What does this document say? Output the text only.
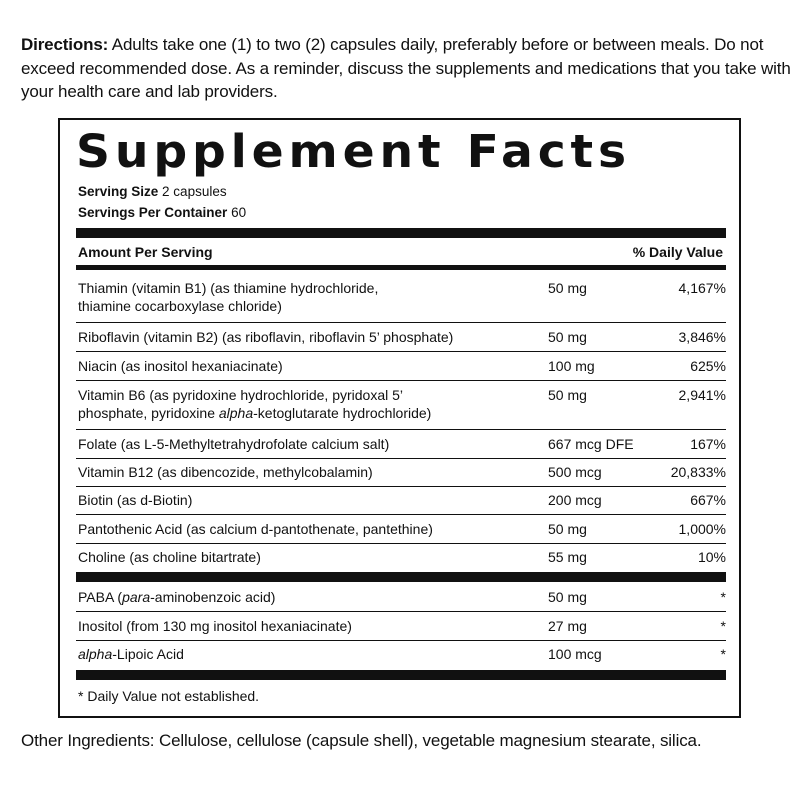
Directions: Adults take one (1) to two (2) capsules daily, preferably before or between meals. Do not exceed recommended dose. As a reminder, discuss the supplements and medications that you take with your health care and lab providers.
Supplement Facts
Serving Size 2 capsules
Servings Per Container 60
Amount Per Serving	% Daily Value
Thiamin (vitamin B1) (as thiamine hydrochloride,
thiamine cocarboxylase chloride)
50 mg	4,167%
Riboflavin (vitamin B2) (as riboflavin, riboflavin 5’ phosphate)	50 mg	3,846%
Niacin (as inositol hexaniacinate)	100 mg	625%
Vitamin B6 (as pyridoxine hydrochloride, pyridoxal 5’
phosphate, pyridoxine alpha-ketoglutarate hydrochloride)
50 mg	2,941%
Folate (as L-5-Methyltetrahydrofolate calcium salt)	667 mcg DFE	167%
Vitamin B12 (as dibencozide, methylcobalamin)	500 mcg	20,833%
Biotin (as d-Biotin)	200 mcg	667%
Pantothenic Acid (as calcium d-pantothenate, pantethine)	50 mg	1,000%
Choline (as choline bitartrate)	55 mg	10%
PABA (para-aminobenzoic acid)	50 mg	*
Inositol (from 130 mg inositol hexaniacinate)	27 mg	*
alpha-Lipoic Acid	100 mcg	*
* Daily Value not established.
Other Ingredients: Cellulose, cellulose (capsule shell), vegetable magnesium stearate, silica.
